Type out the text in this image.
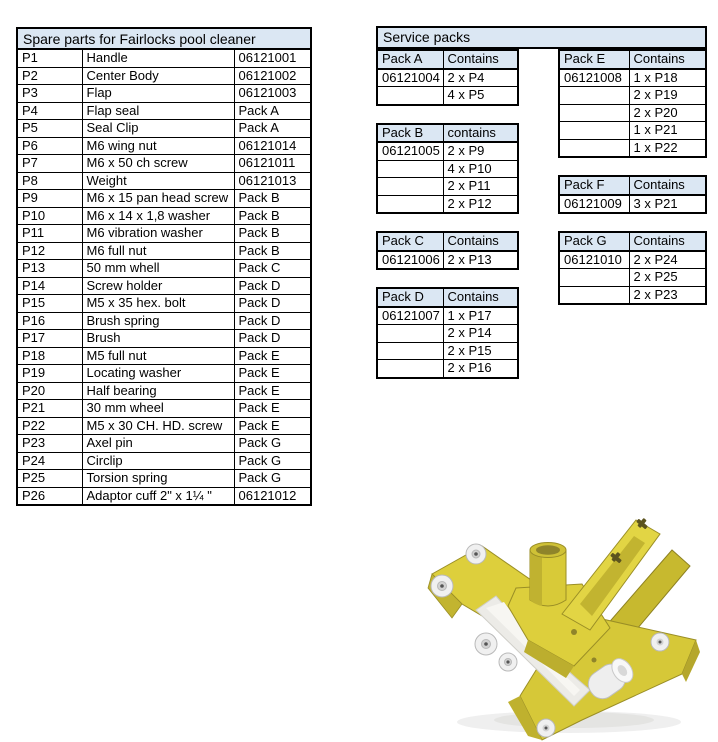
Spare parts for Fairlocks pool cleaner		
P1	Handle	06121001
P2	Center Body	06121002
P3	Flap	06121003
P4	Flap seal	Pack A
P5	Seal Clip	Pack A
P6	M6 wing nut	06121014
P7	M6 x 50 ch screw	06121011
P8	Weight	06121013
P9	M6 x 15 pan head screw	Pack B
P10	M6 x 14 x 1,8 washer	Pack B
P11	M6 vibration washer	Pack B
P12	M6 full nut	Pack B
P13	50 mm whell	Pack C
P14	Screw holder	Pack D
P15	M5 x 35 hex. bolt	Pack D
P16	Brush spring	Pack D
P17	Brush	Pack D
P18	M5 full nut	Pack E
P19	Locating washer	Pack E
P20	Half bearing	Pack E
P21	30 mm wheel	Pack E
P22	M5 x 30 CH. HD. screw	Pack E
P23	Axel pin	Pack G
P24	Circlip	Pack G
P25	Torsion spring	Pack G
P26	Adaptor cuff 2" x 1¼ "	06121012
Service packs
Pack A	Contains
06121004	2 x P4
	4 x P5
Pack B	contains
06121005	2 x P9
	4 x P10
	2 x P11
	2 x P12
Pack C	Contains
06121006	2 x P13
Pack D	Contains
06121007	1 x P17
	2 x P14
	2 x P15
	2 x P16
Pack E	Contains
06121008	1 x P18
	2 x P19
	2 x P20
	1 x P21
	1 x P22
Pack F	Contains
06121009	3 x P21
Pack G	Contains
06121010	2 x P24
	2 x P25
	2 x P23
